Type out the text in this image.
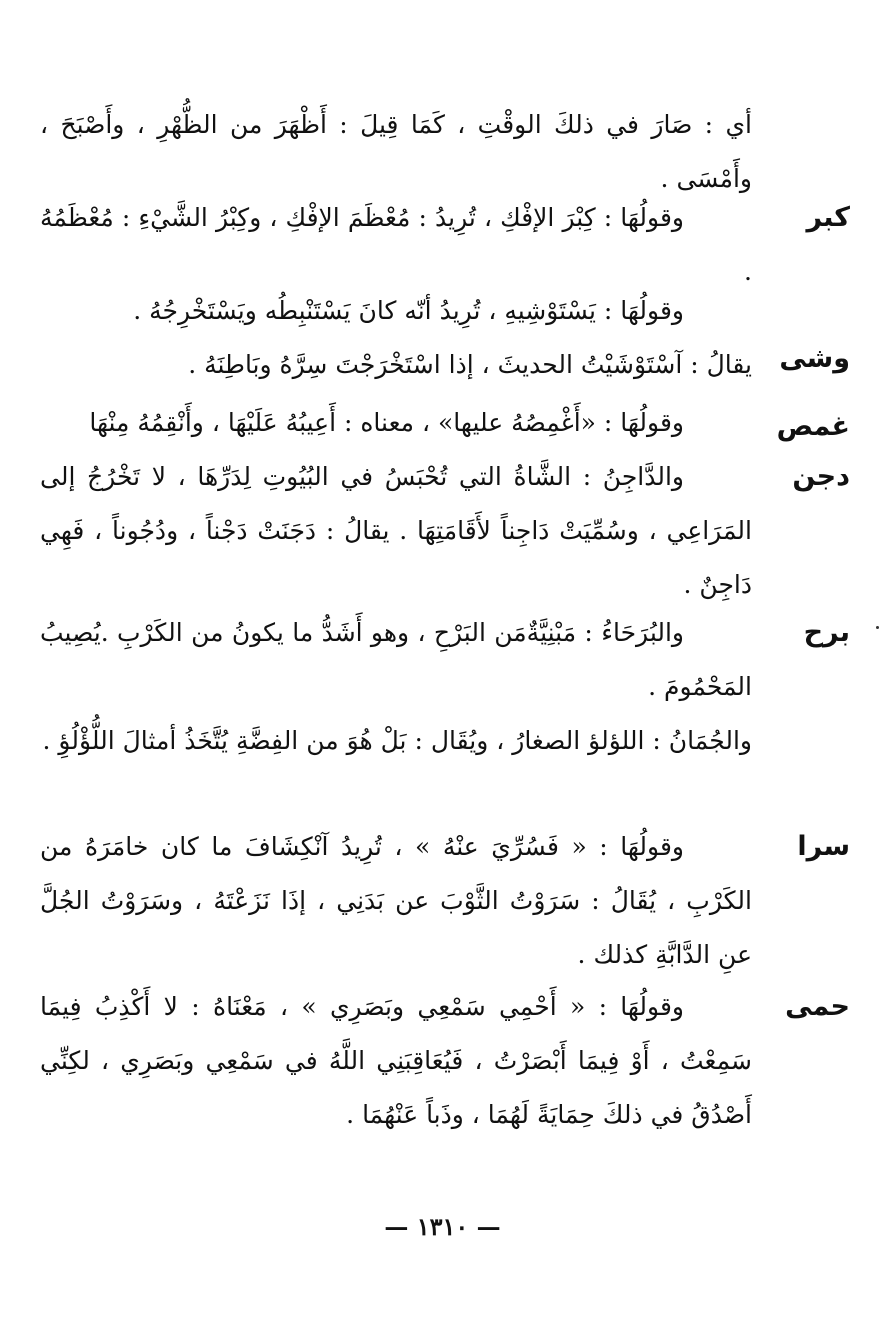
أي : صَارَ في ذلكَ الوقْتِ ، كَمَا قِيلَ : أَظْهَرَ من الظُّهْرِ ، وأَصْبَحَ ، وأَمْسَى .

كبر

وقولُهَا : كِبْرَ الإفْكِ ، تُرِيدُ : مُعْظَمَ الإفْكِ ، وكِبْرُ الشَّيْءِ : مُعْظَمُهُ .

وشى

وقولُهَا : يَسْتَوْشِيهِ ، تُرِيدُ أنّه كانَ يَسْتَنْبِطُه ويَسْتَخْرِجُهُ .

يقالُ : آسْتَوْشَيْتُ الحديثَ ، إذا اسْتَخْرَجْتَ سِرَّهُ وبَاطِنَهُ .

غمص

وقولُهَا : «أَغْمِصُهُ عليها» ، معناه : أَعِيبُهُ عَلَيْهَا ، وأَنْقِمُهُ مِنْهَا

دجن

والدَّاجِنُ : الشَّاةُ التي تُحْبَسُ في البُيُوتِ لِدَرِّهَا ، لا تَخْرُجُ إلى المَرَاعِي ، وسُمِّيَتْ دَاجِناً لأَقَامَتِهَا . يقالُ : دَجَنَتْ دَجْناً ، ودُجُوناً ، فَهِي دَاجِنٌ .

برح

والبُرَحَاءُ : مَبْنِيَّةٌمَن البَرْحِ ، وهو أَشَدُّ ما يكونُ من الكَرْبِ .يُصِيبُ المَحْمُومَ .

والجُمَانُ : اللؤلؤ الصغارُ ، ويُقَال : بَلْ هُوَ من الفِضَّةِ يُتَّخَذُ أمثالَ اللُّؤْلُؤِ .

سرا

وقولُهَا : « فَسُرِّيَ عنْهُ » ، تُرِيدُ آنْكِشَافَ ما كان خامَرَهُ من الكَرْبِ ، يُقَالُ : سَرَوْتُ الثَّوْبَ عن بَدَنِي ، إذَا نَزَعْتَهُ ، وسَرَوْتُ الجُلَّ عنِ الدَّابَّةِ كذلك .

حمى

وقولُهَا : « أَحْمِي سَمْعِي وبَصَرِي » ، مَعْنَاهُ : لا أَكْذِبُ فِيمَا سَمِعْتُ ، أَوْ فِيمَا أَبْصَرْتُ ، فَيُعَاقِبَنِي اللَّهُ في سَمْعِي وبَصَرِي ، لكِنِّي أَصْدُقُ في ذلكَ حِمَايَةً لَهُمَا ، وذَباً عَنْهُمَا .

— ١٣١٠ —
